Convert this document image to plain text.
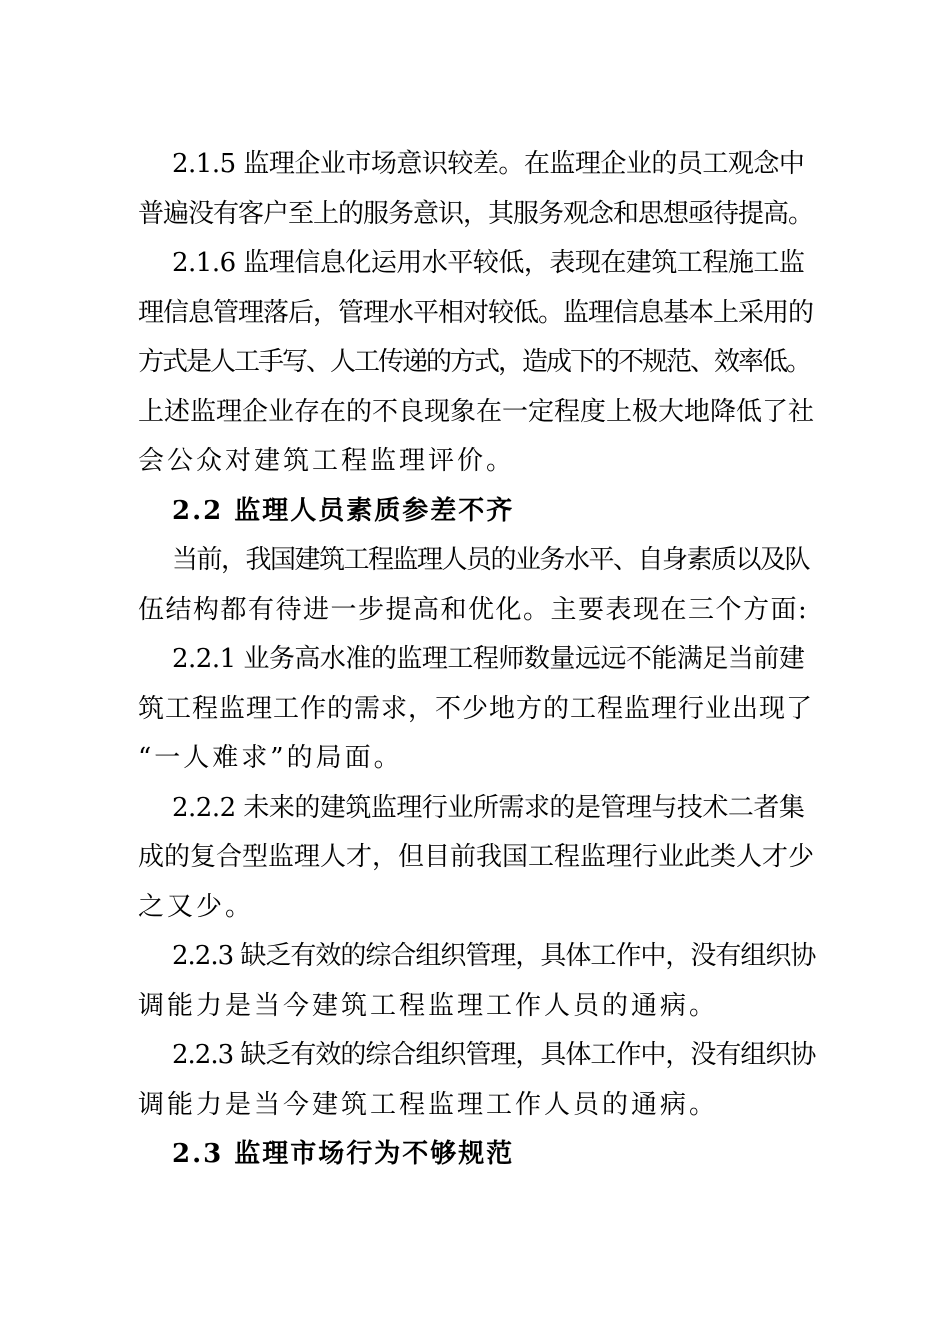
2.1.5 监理企业市场意识较差。在监理企业的员工观念中
普遍没有客户至上的服务意识，其服务观念和思想亟待提高。
2.1.6 监理信息化运用水平较低，表现在建筑工程施工监
理信息管理落后，管理水平相对较低。监理信息基本上采用的
方式是人工手写、人工传递的方式，造成下的不规范、效率低。
上述监理企业存在的不良现象在一定程度上极大地降低了社
会公众对建筑工程监理评价。
2.2 监理人员素质参差不齐
当前，我国建筑工程监理人员的业务水平、自身素质以及队
伍结构都有待进一步提高和优化。主要表现在三个方面:
2.2.1 业务高水准的监理工程师数量远远不能满足当前建
筑工程监理工作的需求，不少地方的工程监理行业出现了
“一人难求”的局面。
2.2.2 未来的建筑监理行业所需求的是管理与技术二者集
成的复合型监理人才，但目前我国工程监理行业此类人才少
之又少。
2.2.3 缺乏有效的综合组织管理，具体工作中，没有组织协
调能力是当今建筑工程监理工作人员的通病。
2.2.3 缺乏有效的综合组织管理，具体工作中，没有组织协
调能力是当今建筑工程监理工作人员的通病。
2.3 监理市场行为不够规范
